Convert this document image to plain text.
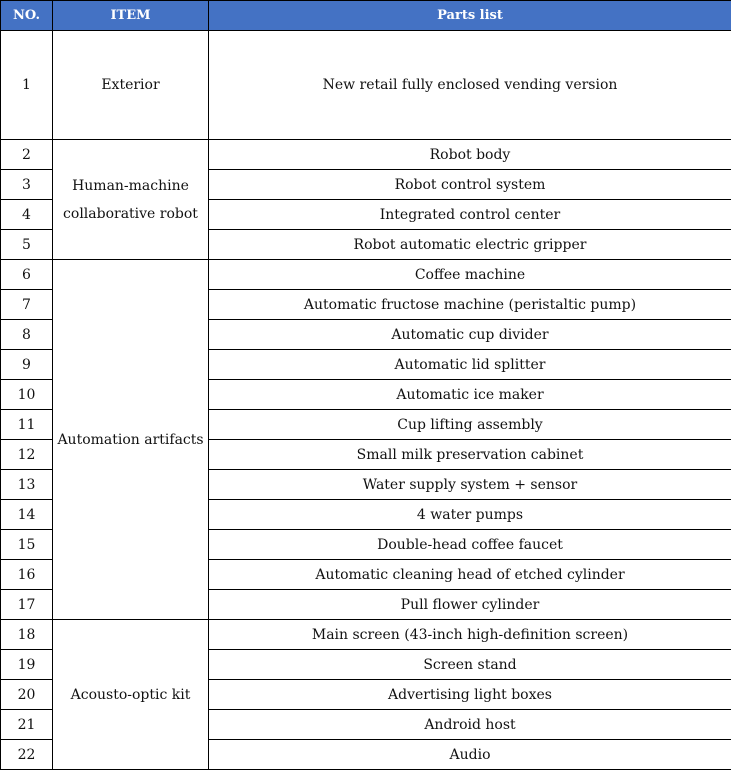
NO.	ITEM	Parts list
1	Exterior	New retail fully enclosed vending version
2	Human-machine collaborative robot	Robot body
3		Robot control system
4		Integrated control center
5		Robot automatic electric gripper
6	Automation artifacts	Coffee machine
7		Automatic fructose machine (peristaltic pump)
8		Automatic cup divider
9		Automatic lid splitter
10		Automatic ice maker
11		Cup lifting assembly
12		Small milk preservation cabinet
13		Water supply system + sensor
14		4 water pumps
15		Double-head coffee faucet
16		Automatic cleaning head of etched cylinder
17		Pull flower cylinder
18	Acousto-optic kit	Main screen (43-inch high-definition screen)
19		Screen stand
20		Advertising light boxes
21		Android host
22		Audio
